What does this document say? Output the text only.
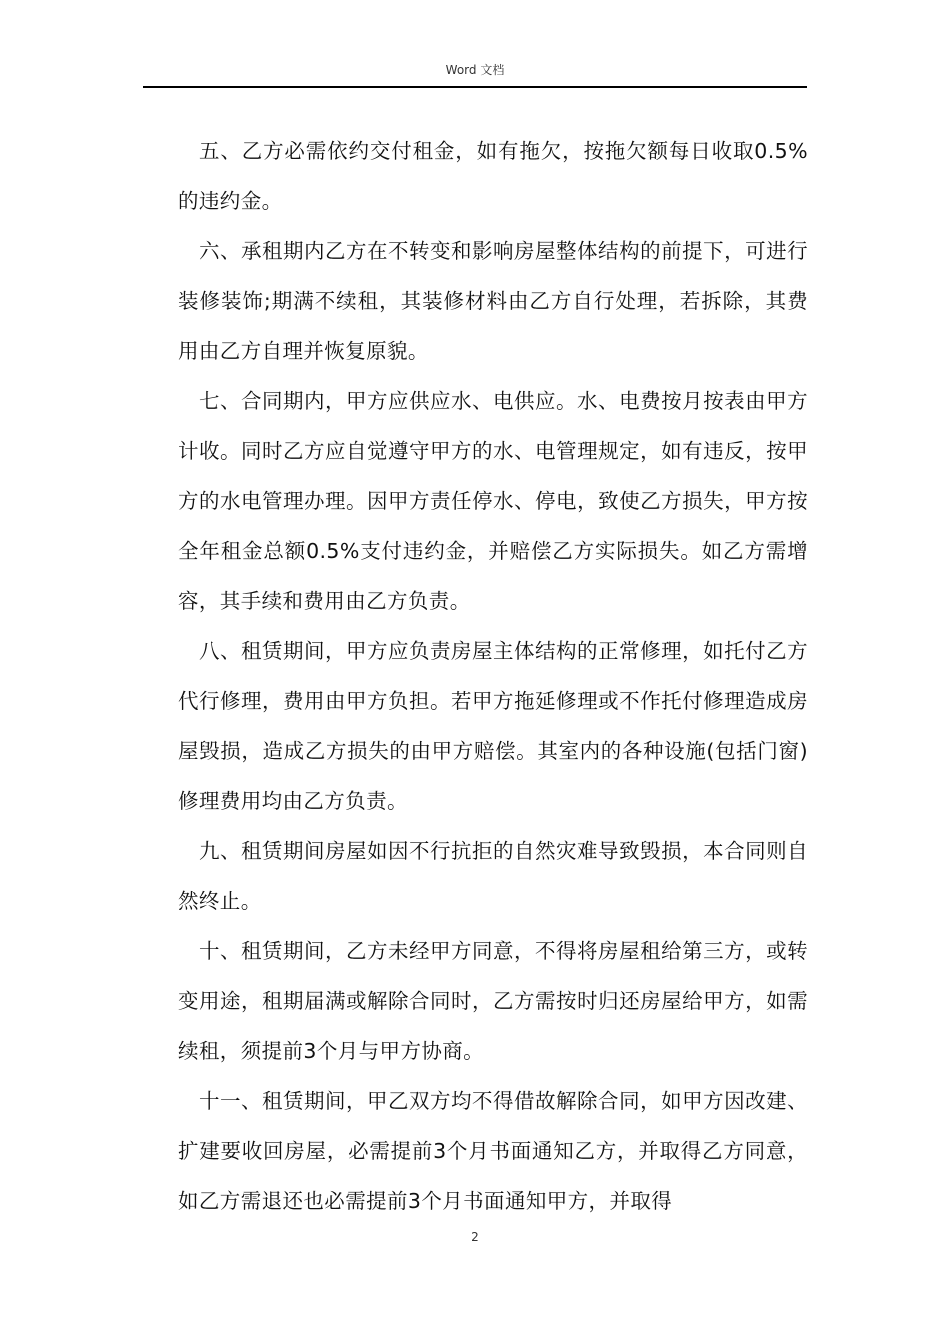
Word 文档

五、乙方必需依约交付租金，如有拖欠，按拖欠额每日收取0.5%的违约金。

六、承租期内乙方在不转变和影响房屋整体结构的前提下，可进行装修装饰;期满不续租，其装修材料由乙方自行处理，若拆除，其费用由乙方自理并恢复原貌。

七、合同期内，甲方应供应水、电供应。水、电费按月按表由甲方计收。同时乙方应自觉遵守甲方的水、电管理规定，如有违反，按甲方的水电管理办理。因甲方责任停水、停电，致使乙方损失，甲方按全年租金总额0.5%支付违约金，并赔偿乙方实际损失。如乙方需增容，其手续和费用由乙方负责。

八、租赁期间，甲方应负责房屋主体结构的正常修理，如托付乙方代行修理，费用由甲方负担。若甲方拖延修理或不作托付修理造成房屋毁损，造成乙方损失的由甲方赔偿。其室内的各种设施(包括门窗)修理费用均由乙方负责。

九、租赁期间房屋如因不行抗拒的自然灾难导致毁损，本合同则自然终止。

十、租赁期间，乙方未经甲方同意，不得将房屋租给第三方，或转变用途，租期届满或解除合同时，乙方需按时归还房屋给甲方，如需续租，须提前3个月与甲方协商。

十一、租赁期间，甲乙双方均不得借故解除合同，如甲方因改建、扩建要收回房屋，必需提前3个月书面通知乙方，并取得乙方同意，如乙方需退还也必需提前3个月书面通知甲方，并取得

2
